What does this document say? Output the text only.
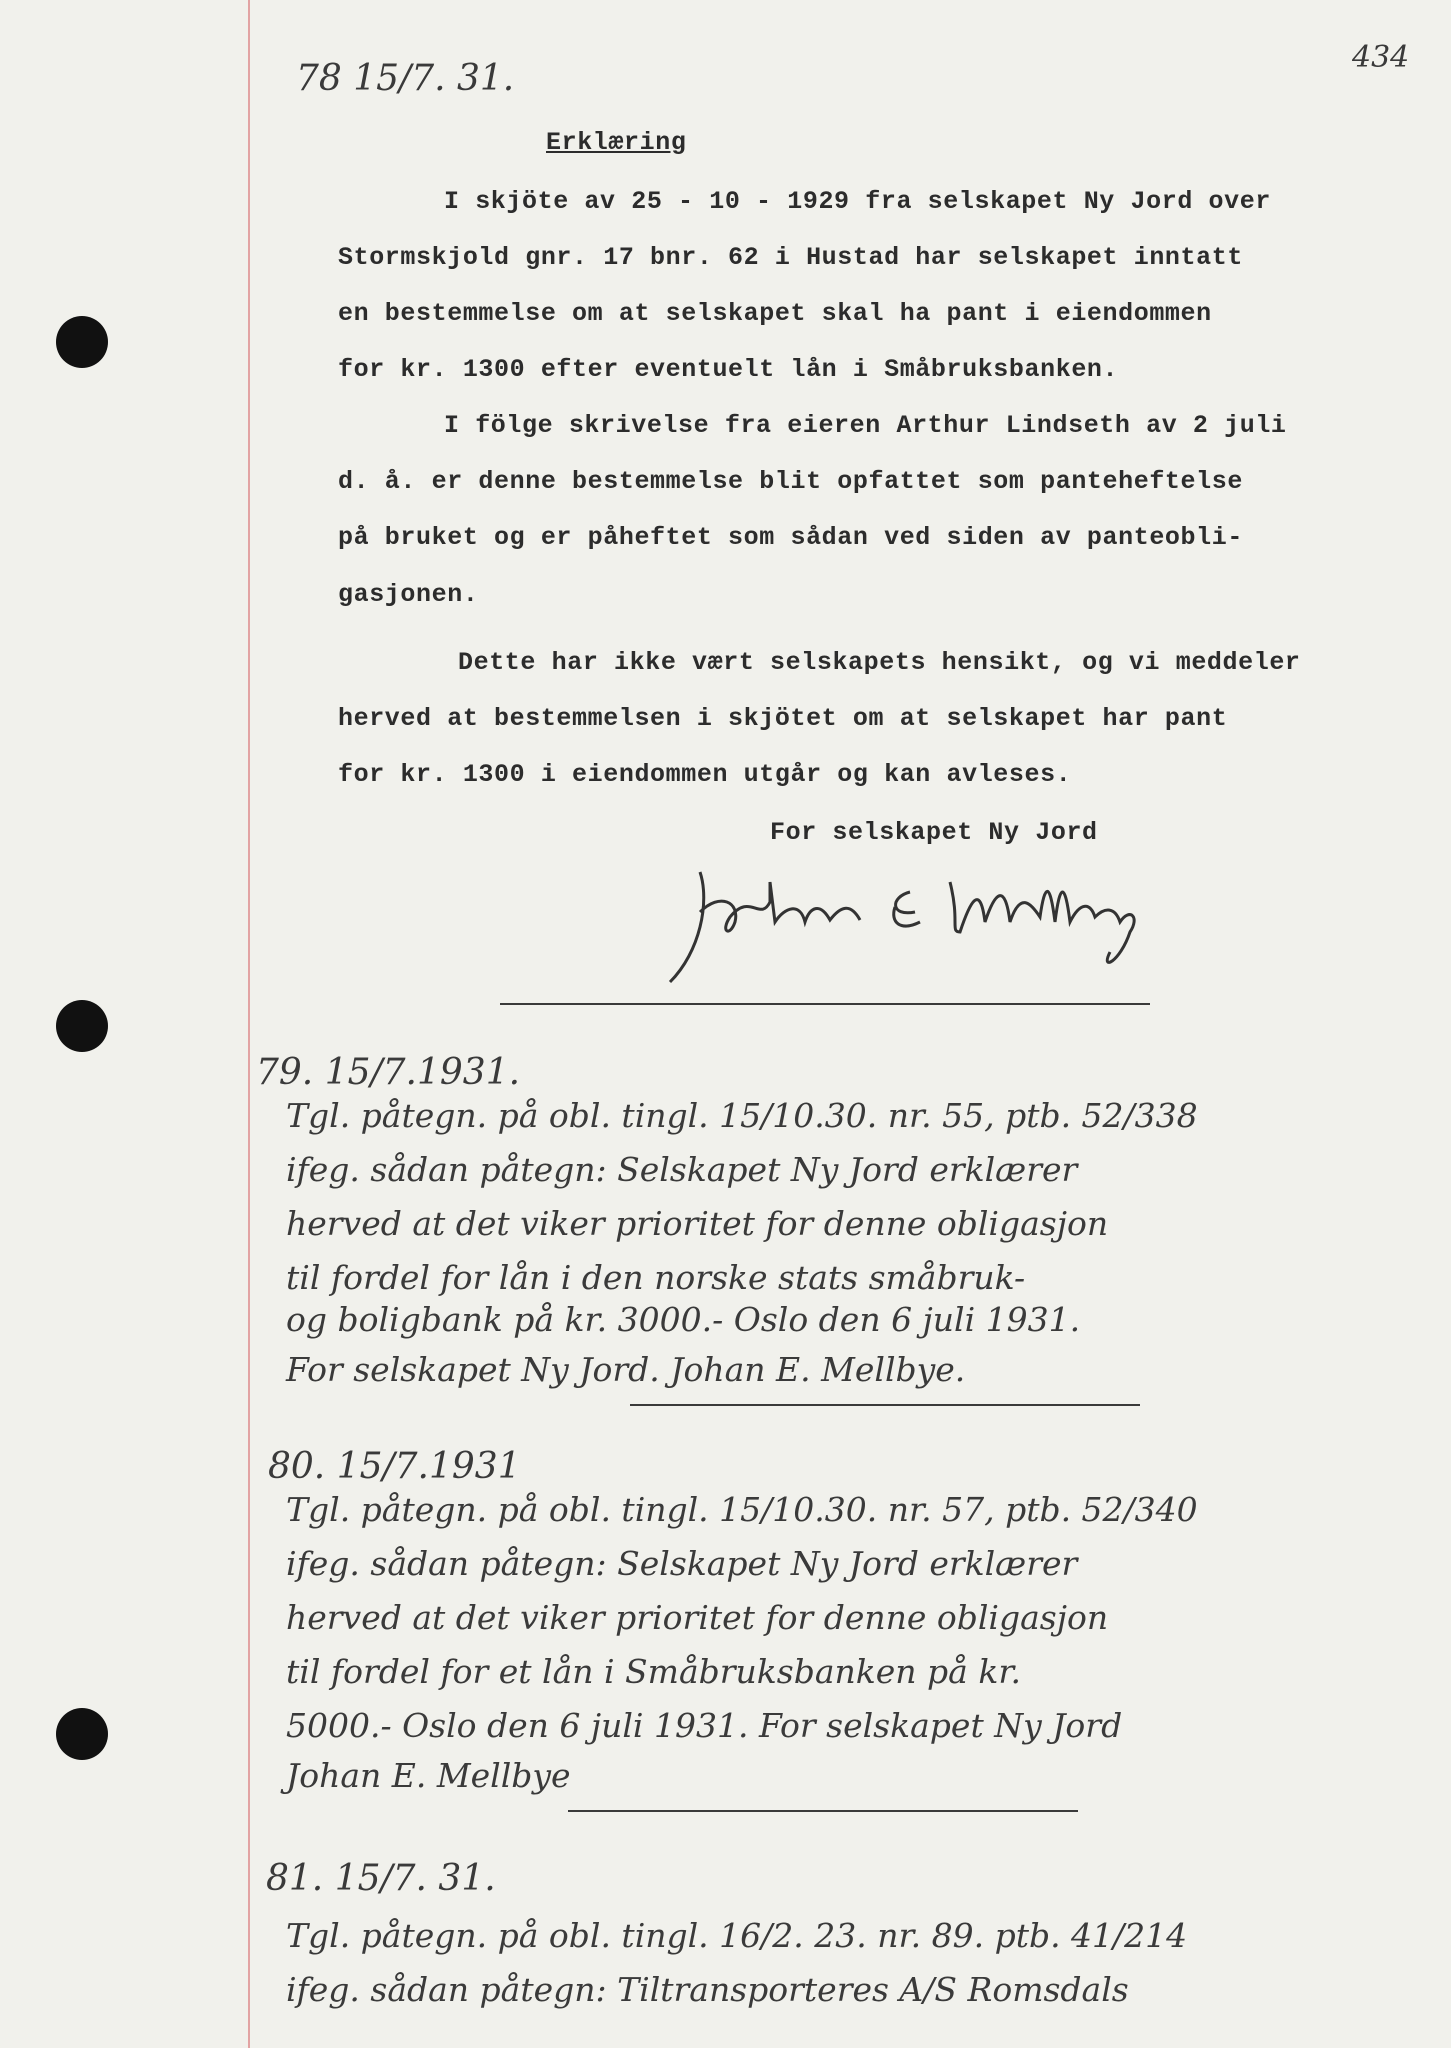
434
78 15/7. 31.
Erklæring
I skjöte av 25 - 10 - 1929 fra selskapet Ny Jord over
Stormskjold gnr. 17 bnr. 62 i Hustad har selskapet inntatt
en bestemmelse om at selskapet skal ha pant i eiendommen
for kr. 1300 efter eventuelt lån i Småbruksbanken.
I fölge skrivelse fra eieren Arthur Lindseth av 2 juli
d. å. er denne bestemmelse blit opfattet som panteheftelse
på bruket og er påheftet som sådan ved siden av panteobli-
gasjonen.
Dette har ikke vært selskapets hensikt, og vi meddeler
herved at bestemmelsen i skjötet om at selskapet har pant
for kr. 1300 i eiendommen utgår og kan avleses.
For selskapet Ny Jord
79. 15/7.1931.
Tgl. påtegn. på obl. tingl. 15/10.30. nr. 55, ptb. 52/338
ifeg. sådan påtegn: Selskapet Ny Jord erklærer
herved at det viker prioritet for denne obligasjon
til fordel for lån i den norske stats småbruk-
og boligbank på kr. 3000.- Oslo den 6 juli 1931.
For selskapet Ny Jord. Johan E. Mellbye.
80. 15/7.1931
Tgl. påtegn. på obl. tingl. 15/10.30. nr. 57, ptb. 52/340
ifeg. sådan påtegn: Selskapet Ny Jord erklærer
herved at det viker prioritet for denne obligasjon
til fordel for et lån i Småbruksbanken på kr.
5000.- Oslo den 6 juli 1931. For selskapet Ny Jord
Johan E. Mellbye
81. 15/7. 31.
Tgl. påtegn. på obl. tingl. 16/2. 23. nr. 89. ptb. 41/214
ifeg. sådan påtegn: Tiltransporteres A/S Romsdals
